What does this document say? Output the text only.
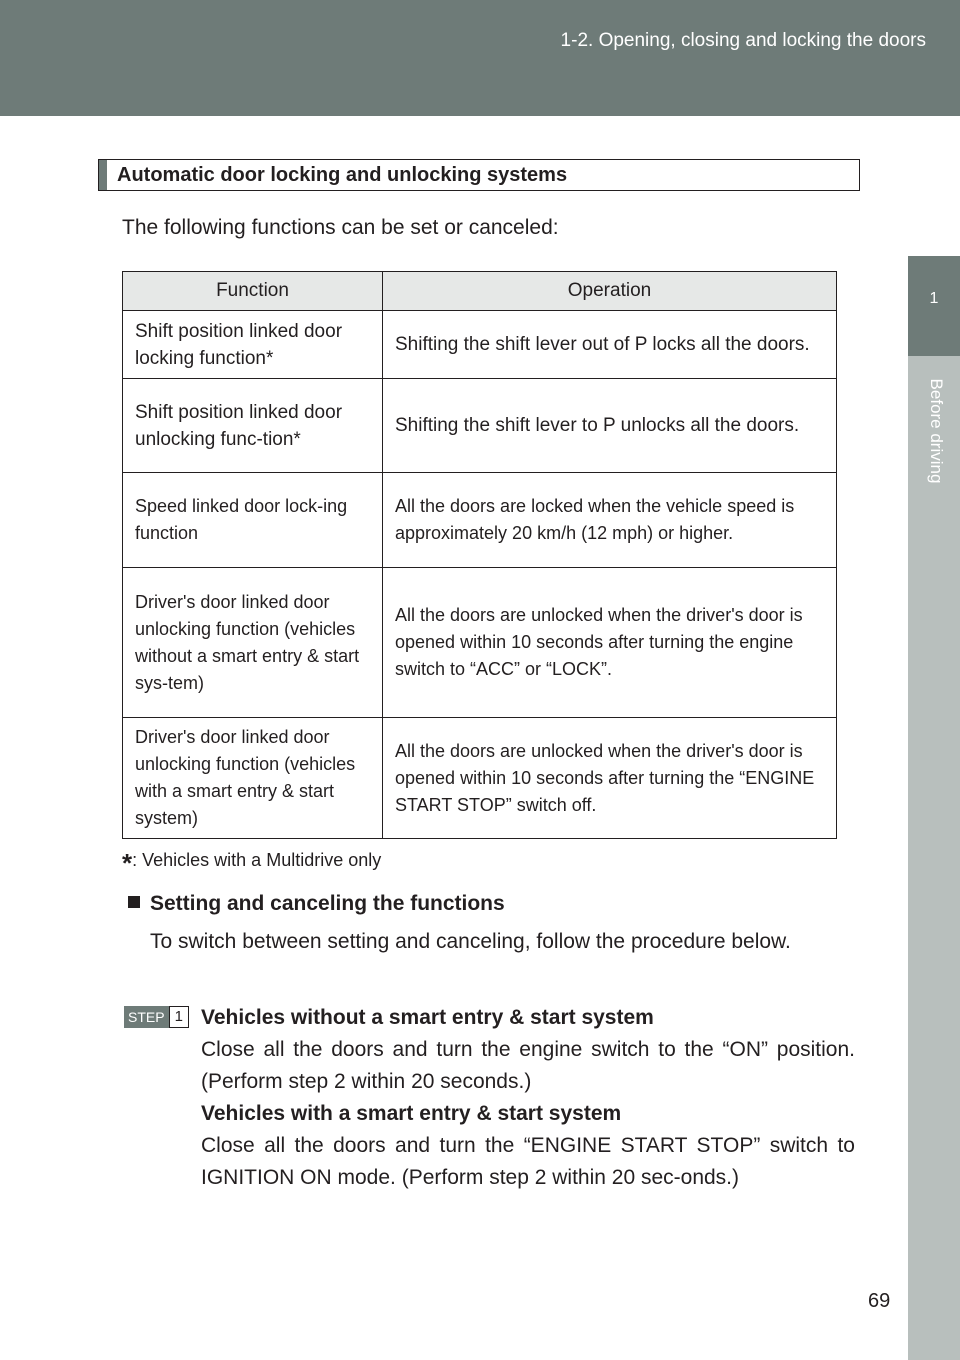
1-2. Opening, closing and locking the doors
1
Before driving
Automatic door locking and unlocking systems
The following functions can be set or canceled:
Function	Operation
Shift position linked door locking function*	Shifting the shift lever out of P locks all the doors.
Shift position linked door unlocking func-tion*	Shifting the shift lever to P unlocks all the doors.
Speed linked door lock-ing function	All the doors are locked when the vehicle speed is approximately 20 km/h (12 mph) or higher.
Driver's door linked door unlocking function (vehicles without a smart entry & start sys-tem)	All the doors are unlocked when the driver's door is opened within 10 seconds after turning the engine switch to “ACC” or “LOCK”.
Driver's door linked door unlocking function (vehicles with a smart entry & start system)	All the doors are unlocked when the driver's door is opened within 10 seconds after turning the “ENGINE START STOP” switch off.
*: Vehicles with a Multidrive only
Setting and canceling the functions
To switch between setting and canceling, follow the procedure below.
STEP 1 Vehicles without a smart entry & start system
Close all the doors and turn the engine switch to the “ON” position. (Perform step 2 within 20 seconds.)
Vehicles with a smart entry & start system
Close all the doors and turn the “ENGINE START STOP” switch to IGNITION ON mode. (Perform step 2 within 20 sec-onds.)
69
